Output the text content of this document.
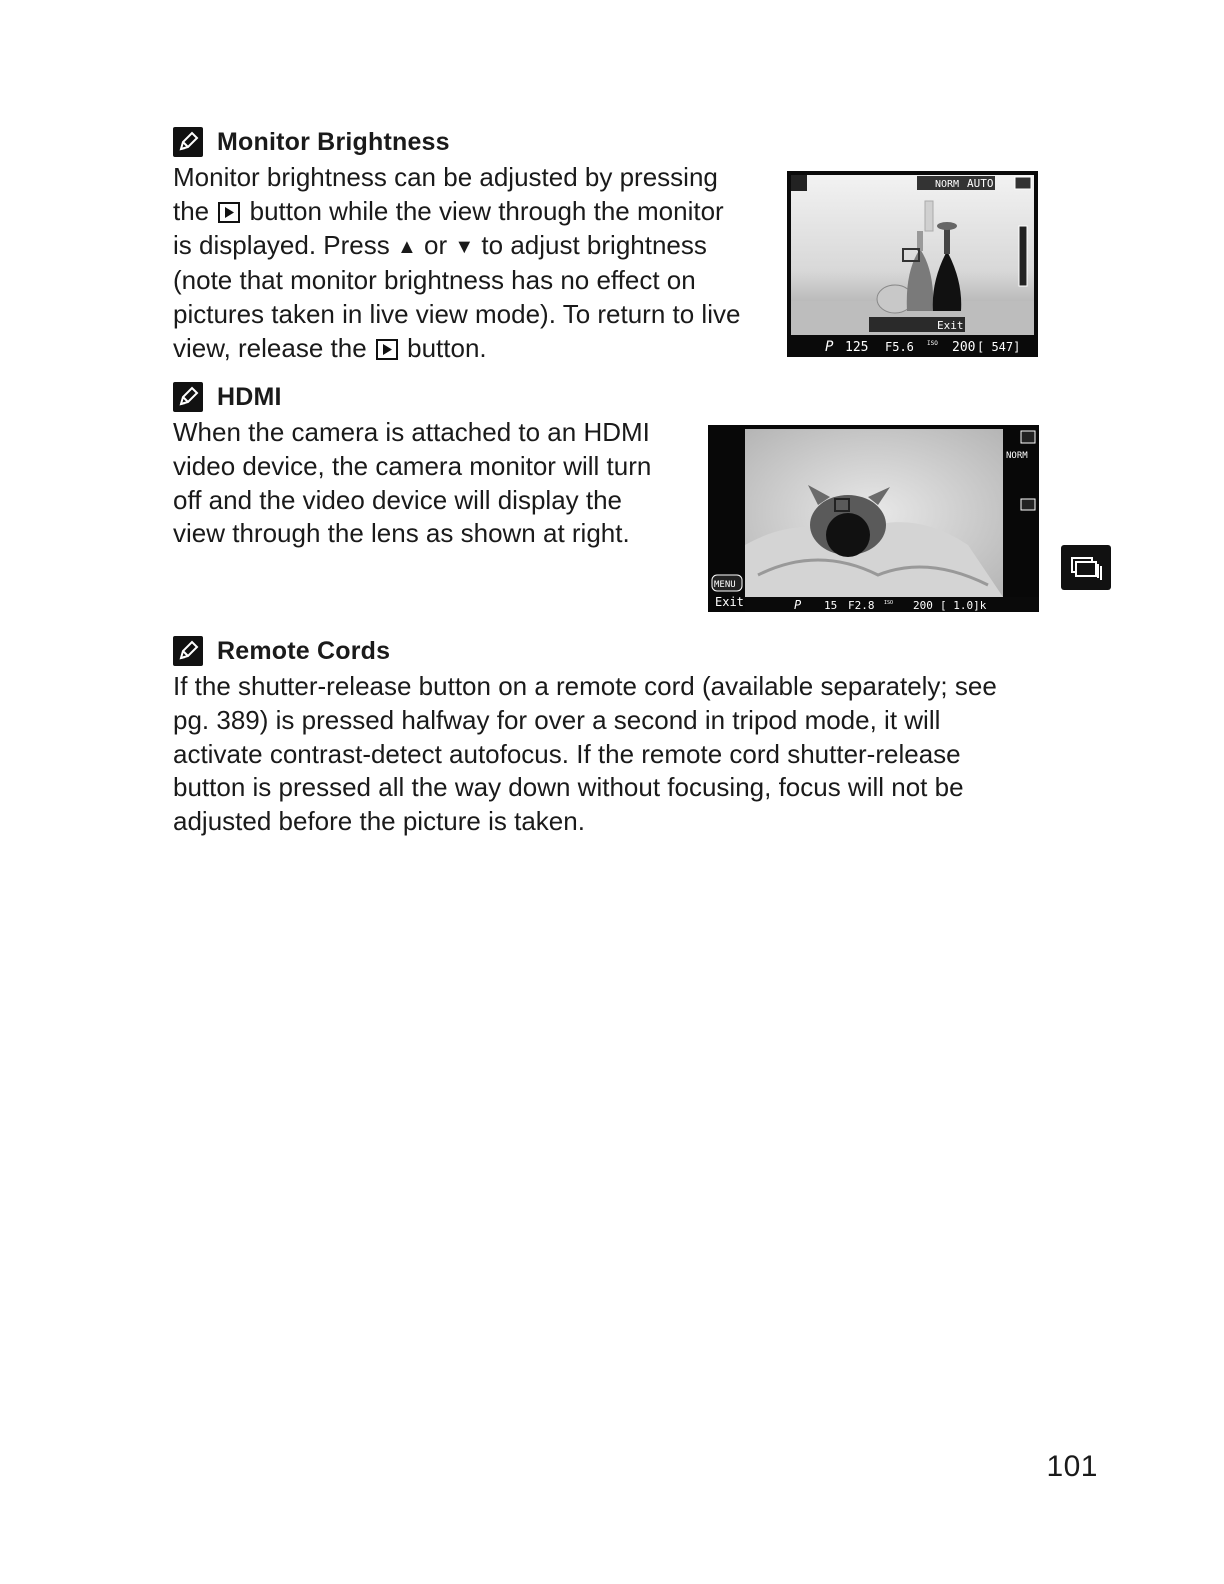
Monitor Brightness
Monitor brightness can be adjusted by pressing
the button while the view through the monitor
is displayed. Press ▲ or ▼ to adjust brightness
(note that monitor brightness has no effect on
pictures taken in live view mode). To return to live
view, release the button.
NORM AUTO
Exit
P 125 F5.6 ISO 200 [ 547]
HDMI
When the camera is attached to an HDMI
video device, the camera monitor will turn
off and the video device will display the
view through the lens as shown at right.
NORM
MENU
Exit	P 15 F2.8 ISO 200 [ 1.0]k
Remote Cords
If the shutter-release button on a remote cord (available separately; see
pg. 389) is pressed halfway for over a second in tripod mode, it will
activate contrast-detect autofocus. If the remote cord shutter-release
button is pressed all the way down without focusing, focus will not be
adjusted before the picture is taken.
101
